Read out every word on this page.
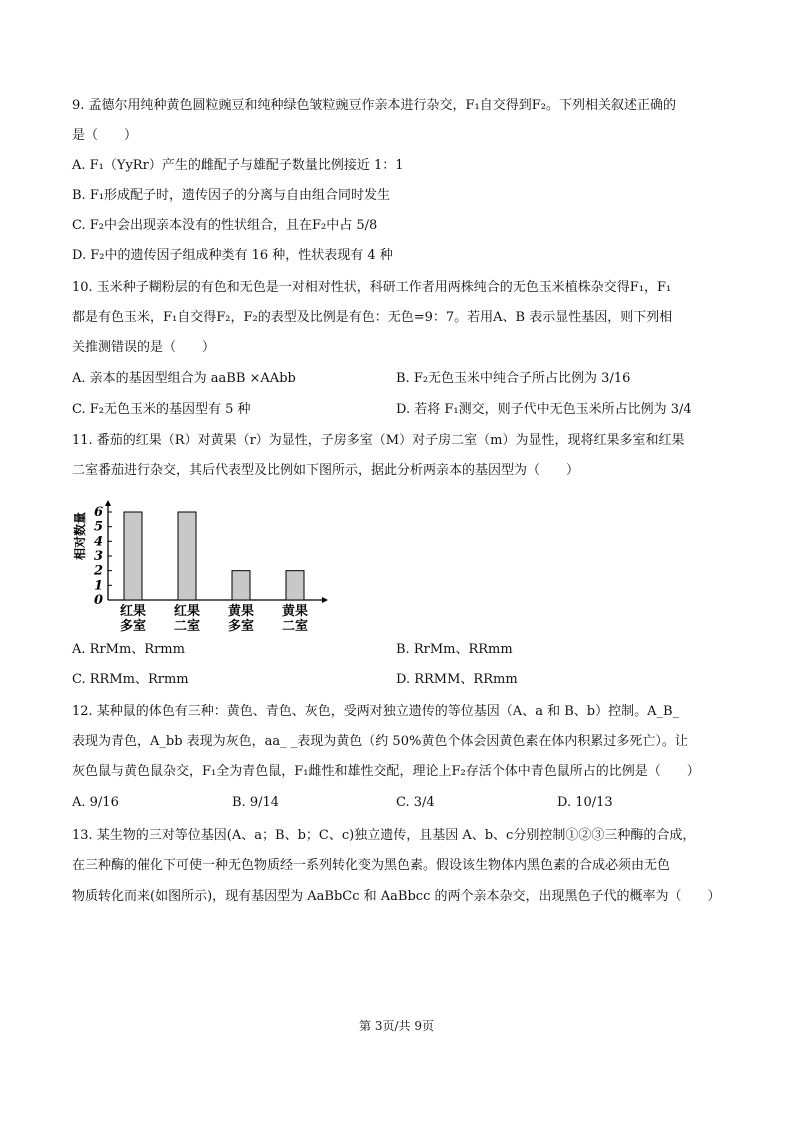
9. 孟德尔用纯种黄色圆粒豌豆和纯种绿色皱粒豌豆作亲本进行杂交，F₁自交得到F₂。下列相关叙述正确的
是（　　）
A. F₁（YyRr）产生的雌配子与雄配子数量比例接近 1：1
B. F₁形成配子时，遗传因子的分离与自由组合同时发生
C. F₂中会出现亲本没有的性状组合，且在F₂中占 5/8
D. F₂中的遗传因子组成种类有 16 种，性状表现有 4 种
10. 玉米种子糊粉层的有色和无色是一对相对性状，科研工作者用两株纯合的无色玉米植株杂交得F₁，F₁
都是有色玉米，F₁自交得F₂，F₂的表型及比例是有色：无色=9：7。若用A、B 表示显性基因，则下列相
关推测错误的是（　　）
A. 亲本的基因型组合为 aaBB ×AAbb	B. F₂无色玉米中纯合子所占比例为 3/16
C. F₂无色玉米的基因型有 5 种	D. 若将 F₁测交，则子代中无色玉米所占比例为 3/4
11. 番茄的红果（R）对黄果（r）为显性，子房多室（M）对子房二室（m）为显性，现将红果多室和红果
二室番茄进行杂交，其后代表型及比例如下图所示，据此分析两亲本的基因型为（　　）
相对数量
0
1
2
3
4
5
6
红果
多室
红果
二室
黄果
多室
黄果
二室
A. RrMm、Rrmm	B. RrMm、RRmm
C. RRMm、Rrmm	D. RRMM、RRmm
12. 某种鼠的体色有三种：黄色、青色、灰色，受两对独立遗传的等位基因（A、a 和 B、b）控制。A_B_
表现为青色，A_bb 表现为灰色，aa_ _表现为黄色（约 50%黄色个体会因黄色素在体内积累过多死亡）。让
灰色鼠与黄色鼠杂交，F₁全为青色鼠，F₁雌性和雄性交配，理论上F₂存活个体中青色鼠所占的比例是（　　）
A. 9/16	B. 9/14	C. 3/4	D. 10/13
13. 某生物的三对等位基因(A、a；B、b；C、c)独立遗传，且基因 A、b、c分别控制①②③三种酶的合成，
在三种酶的催化下可使一种无色物质经一系列转化变为黑色素。假设该生物体内黑色素的合成必须由无色
物质转化而来(如图所示)，现有基因型为 AaBbCc 和 AaBbcc 的两个亲本杂交，出现黑色子代的概率为（　　）
第 3页/共 9页
